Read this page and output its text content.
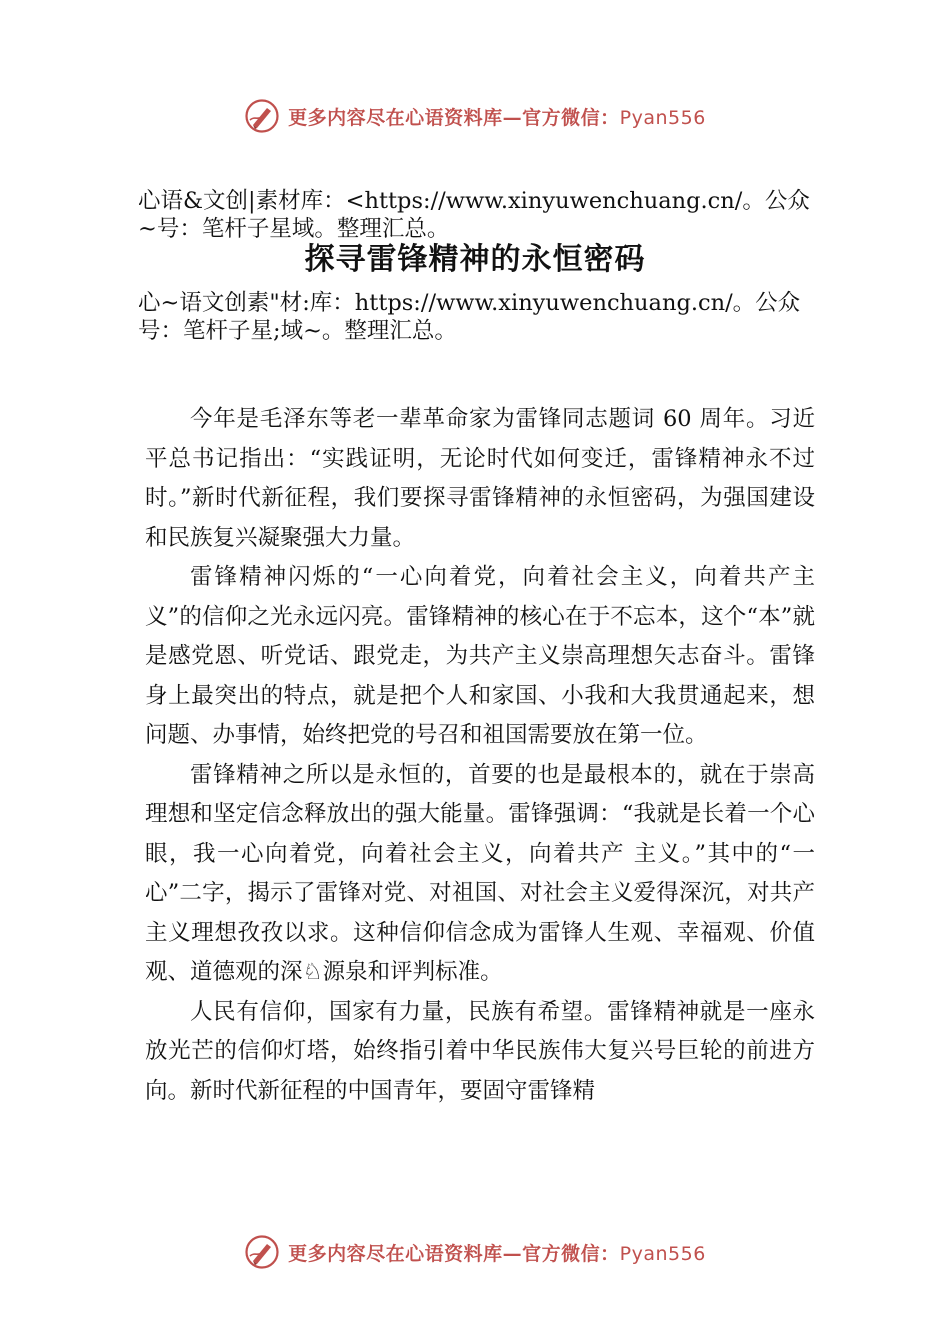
更多内容尽在心语资料库—官方微信：Pyan556
心语&文创|素材库：<https://www.xinyuwenchuang.cn/。公众
~号：笔杆子星域。整理汇总。
探寻雷锋精神的永恒密码
心~语文创素"材:库：https://www.xinyuwenchuang.cn/。公众
号：笔杆子星;域~。整理汇总。

今年是毛泽东等老一辈革命家为雷锋同志题词 60 周年。习近平总书记指出：“实践证明，无论时代如何变迁，雷锋精神永不过时。”新时代新征程，我们要探寻雷锋精神的永恒密码，为强国建设和民族复兴凝聚强大力量。

雷锋精神闪烁的“一心向着党，向着社会主义，向着共产主义”的信仰之光永远闪亮。雷锋精神的核心在于不忘本，这个“本”就是感党恩、听党话、跟党走，为共产主义崇高理想矢志奋斗。雷锋身上最突出的特点，就是把个人和家国、小我和大我贯通起来，想问题、办事情，始终把党的号召和祖国需要放在第一位。

雷锋精神之所以是永恒的，首要的也是最根本的，就在于崇高理想和坚定信念释放出的强大能量。雷锋强调：“我就是长着一个心眼，我一心向着党，向着社会主义，向着共产 主义。”其中的“一心”二字，揭示了雷锋对党、对祖国、对社会主义爱得深沉，对共产主义理想孜孜以求。这种信仰信念成为雷锋人生观、幸福观、价值观、道德观的深♘源泉和评判标准。

人民有信仰，国家有力量，民族有希望。雷锋精神就是一座永放光芒的信仰灯塔，始终指引着中华民族伟大复兴号巨轮的前进方向。新时代新征程的中国青年，要固守雷锋精

更多内容尽在心语资料库—官方微信：Pyan556
